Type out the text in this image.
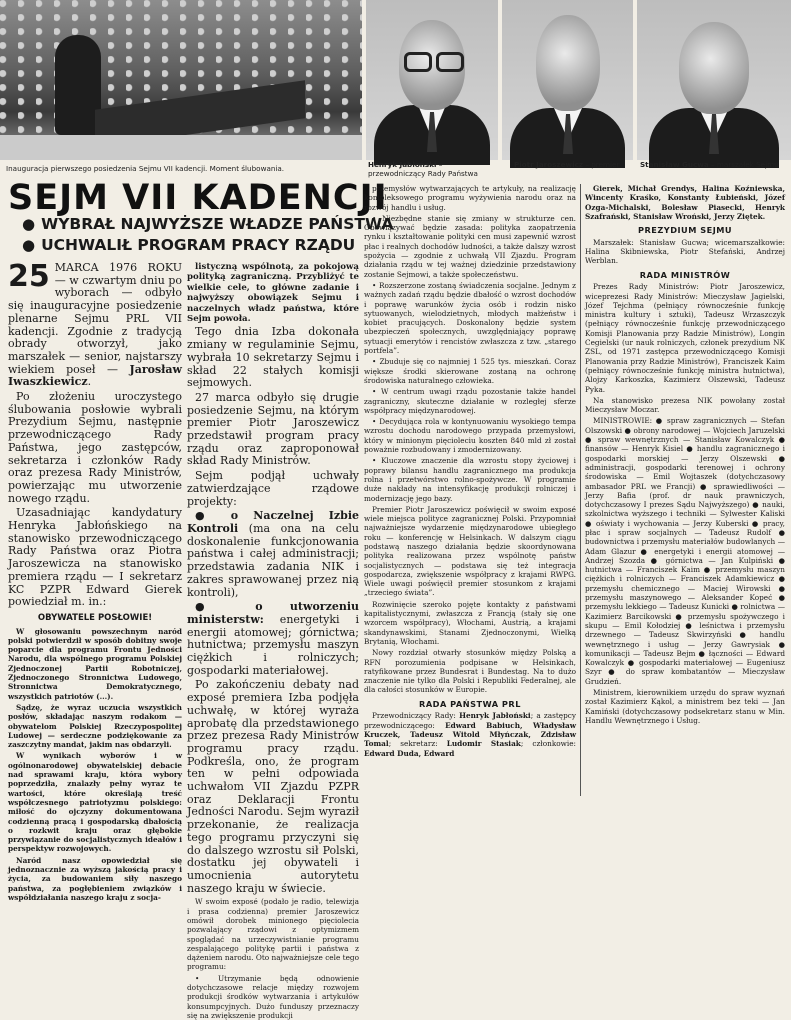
Inauguracja pierwszego posiedzenia Sejmu VII kadencji. Moment ślubowania.	Henryk Jabłoński – przewodniczący Rady Państwa
Piotr Jaroszewicz – premier	Stanisław Gucwa – marszałek Sejmu
SEJM VII KADENCJI
● WYBRAŁ NAJWYŻSZE WŁADZE PAŃSTWA
● UCHWALIŁ PROGRAM PRACY RZĄDU

25 MARCA 1976 ROKU — w czwartym dniu po wyborach — odbyło się inauguracyjne posiedzenie plenarne Sejmu PRL VII kadencji. Zgodnie z tradycją obrady otworzył, jako marszałek — senior, najstarszy wiekiem poseł — Jarosław Iwaszkiewicz.

Po złożeniu uroczystego ślubowania posłowie wybrali Prezydium Sejmu, następnie przewodniczącego Rady Państwa, jego zastępców, sekretarza i członków Rady oraz prezesa Rady Ministrów, powierzając mu utworzenie nowego rządu.

Uzasadniając kandydatury Henryka Jabłońskiego na stanowisko przewodniczącego Rady Państwa oraz Piotra Jaroszewicza na stanowisko premiera rządu — I sekretarz KC PZPR Edward Gierek powiedział m. in.:

OBYWATELE POSŁOWIE!

W głosowaniu powszechnym naród polski potwierdził w sposób dobitny swoje poparcie dla programu Frontu Jedności Narodu, dla wspólnego programu Polskiej Zjednoczonej Partii Robotniczej, Zjednoczonego Stronnictwa Ludowego, Stronnictwa Demokratycznego, wszystkich patriotów (...).

Sądzę, że wyraz uczucia wszystkich posłów, składając naszym rodakom — obywatelom Polskiej Rzeczypospolitej Ludowej — serdeczne podziękowanie za zaszczytny mandat, jakim nas obdarzyli.

W wynikach wyborów i w ogólnonarodowej obywatelskiej debacie nad sprawami kraju, która wybory poprzedziła, znalazły pełny wyraz te wartości, które określają treść współczesnego patriotyzmu polskiego: miłość do ojczyzny dokumentowana codzienną pracą i gospodarską dbałością o rozkwit kraju oraz głębokie przywiązanie do socjalistycznych ideałów i perspektyw rozwojowych.

Naród nasz opowiedział się jednoznacznie za wyższą jakością pracy i życia, za budowaniem siły naszego państwa, za pogłębieniem związków i współdziałania naszego kraju z socja-

listyczną wspólnotą, za pokojową polityką zagraniczną. Przybliżyć te wielkie cele, to główne zadanie i najwyższy obowiązek Sejmu i naczelnych władz państwa, które Sejm powoła.

Tego dnia Izba dokonała zmiany w regulaminie Sejmu, wybrała 10 sekretarzy Sejmu i skład 22 stałych komisji sejmowych.

27 marca odbyło się drugie posiedzenie Sejmu, na którym premier Piotr Jaroszewicz przedstawił program pracy rządu oraz zaproponował skład Rady Ministrów.

Sejm podjął uchwały zatwierdzające rządowe projekty:

● o Naczelnej Izbie Kontroli (ma ona na celu doskonalenie funkcjonowania państwa i całej administracji; przedstawia zadania NIK i zakres sprawowanej przez nią kontroli),

● o utworzeniu ministerstw: energetyki i energii atomowej; górnictwa; hutnictwa; przemysłu maszyn ciężkich i rolniczych; gospodarki materiałowej.

Po zakończeniu debaty nad exposé premiera Izba podjęła uchwałę, w której wyraża aprobatę dla przedstawionego przez prezesa Rady Ministrów programu pracy rządu. Podkreśla, ono, że program ten w pełni odpowiada uchwałom VII Zjazdu PZPR oraz Deklaracji Frontu Jedności Narodu. Sejm wyraził przekonanie, że realizacja tego programu przyczyni się do dalszego wzrostu sił Polski, dostatku jej obywateli i umocnienia autorytetu naszego kraju w świecie.

W swoim exposé (podało je radio, telewizja i prasa codzienna) premier Jaroszewicz omówił dorobek minionego pięciolecia pozwalający rządowi z optymizmem spoglądać na urzeczywistnianie programu zespalającego politykę partii i państwa z dążeniem narodu. Oto najważniejsze cele tego programu:

• Utrzymanie będą odnowienie dotychczasowe relacje między rozwojem produkcji środków wytwarzania i artykułów konsumpcyjnych. Dużo funduszy przeznaczy się na zwiększenie produkcji

przemysłów wytwarzających te artykuły, na realizację kompleksowego programu wyżywienia narodu oraz na rozwój handlu i usług.

• Niezbędne stanie się zmiany w strukturze cen. Obowiązywać będzie zasada: polityka zaopatrzenia rynku i kształtowanie polityki cen musi zapewnić wzrost płac i realnych dochodów ludności, a także dalszy wzrost spożycia — zgodnie z uchwałą VII Zjazdu. Program działania rządu w tej ważnej dziedzinie przedstawiony zostanie Sejmowi, a także społeczeństwu.

• Rozszerzone zostaną świadczenia socjalne. Jednym z ważnych zadań rządu będzie dbałość o wzrost dochodów i poprawę warunków życia osób i rodzin nisko sytuowanych, wielodzietnych, młodych małżeństw i kobiet pracujących. Doskonalony będzie system ubezpieczeń społecznych, uwzględniający poprawę sytuacji emerytów i rencistów zwłaszcza z tzw. „starego portfela”.

• Zbuduje się co najmniej 1 525 tys. mieszkań. Coraz większe środki skierowane zostaną na ochronę środowiska naturalnego człowieka.

• W centrum uwagi rządu pozostanie także handel zagraniczny, skuteczne działanie w rozległej sferze współpracy międzynarodowej.

• Decydująca rola w kontynuowaniu wysokiego tempa wzrostu dochodu narodowego przypada przemysłowi, który w minionym pięcioleciu koszten 840 mld zł został poważnie rozbudowany i zmodernizowany.

• Kluczowe znaczenie dla wzrostu stopy życiowej i poprawy bilansu handlu zagranicznego ma produkcja rolna i przetwórstwo rolno-spożywcze. W programie duże nakłady na intensyfikację produkcji rolniczej i modernizację jego bazy.

Premier Piotr Jaroszewicz poświęcił w swoim exposé wiele miejsca polityce zagranicznej Polski. Przypomniał najważniejsze wydarzenie międzynarodowe ubiegłego roku — konferencję w Helsinkach. W dalszym ciągu podstawą naszego działania będzie skoordynowana polityka realizowana przez wspólnotę państw socjalistycznych — podstawa się też integracja gospodarcza, zwiększenie współpracy z krajami RWPG. Wiele uwagi poświęcił premier stosunkom z krajami „trzeciego świata”.

Rozwinięcie szeroko pojęte kontakty z państwami kapitalistycznymi, zwłaszcza z Francją (stały się one wzorcem współpracy), Włochami, Austrią, a krajami skandynawskimi, Stanami Zjednoczonymi, Wielką Brytanią, Włochami.

Nowy rozdział otwarły stosunków między Polską a RFN porozumienia podpisane w Helsinkach, ratyfikowane przez Bundesrat i Bundestag. Na to dużo znaczenie nie tylko dla Polski i Republiki Federalnej, ale dla całości stosunków w Europie.

RADA PAŃSTWA PRL

Przewodniczący Rady: Henryk Jabłoński; a zastępcy przewodniczącego: Edward Babiuch, Władysław Kruczek, Tadeusz Witold Młyńczak, Zdzisław Tomal; sekretarz: Ludomir Stasiak; członkowie: Edward Duda, Edward

Gierek, Michał Grendys, Halina Koźniewska, Wincenty Kraśko, Konstanty Łubieński, Józef Ozga-Michalski, Bolesław Piasecki, Henryk Szafrański, Stanisław Wroński, Jerzy Ziętek.

PREZYDIUM SEJMU

Marszałek: Stanisław Gucwa; wicemarszałkowie: Halina Skibniewska, Piotr Stefański, Andrzej Werblan.

RADA MINISTRÓW

Prezes Rady Ministrów: Piotr Jaroszewicz, wiceprezesi Rady Ministrów: Mieczysław Jagielski, Józef Tejchma (pełniący równocześnie funkcję ministra kultury i sztuki), Tadeusz Wrzaszczyk (pełniący równocześnie funkcję przewodniczącego Komisji Planowania przy Radzie Ministrów), Longin Cegielski (ur nauk rolniczych, członek prezydium NK ZSL, od 1971 zastępca przewodniczącego Komisji Planowania przy Radzie Ministrów), Franciszek Kaim (pełniący równocześnie funkcję ministra hutnictwa), Alojzy Karkoszka, Kazimierz Olszewski, Tadeusz Pyka.

Na stanowisko prezesa NIK powołany został Mieczysław Moczar.

MINISTROWIE: ● spraw zagranicznych — Stefan Olszowski ● obrony narodowej — Wojciech Jaruzelski ● spraw wewnętrznych — Stanisław Kowalczyk ● finansów — Henryk Kisiel ● handlu zagranicznego i gospodarki morskiej — Jerzy Olszewski ● administracji, gospodarki terenowej i ochrony środowiska — Emil Wojtaszek (dotychczasowy ambasador PRL we Francji) ● sprawiedliwości — Jerzy Bafia (prof. dr nauk prawniczych, dotychczasowy I prezes Sądu Najwyższego) ● nauki, szkolnictwa wyższego i techniki — Sylwester Kaliski ● oświaty i wychowania — Jerzy Kuberski ● pracy, płac i spraw socjalnych — Tadeusz Rudolf ● budownictwa i przemysłu materiałów budowlanych — Adam Glazur ● energetyki i energii atomowej — Andrzej Szozda ● górnictwa — Jan Kulpiński ● hutnictwa — Franciszek Kaim ● przemysłu maszyn ciężkich i rolniczych — Franciszek Adamkiewicz ● przemysłu chemicznego — Maciej Wirowski ● przemysłu maszynowego — Aleksander Kopeć ● przemysłu lekkiego — Tadeusz Kunicki ● rolnictwa — Kazimierz Barcikowski ● przemysłu spożywczego i skupu — Emil Kołodziej ● leśnictwa i przemysłu drzewnego — Tadeusz Skwirzyński ● handlu wewnętrznego i usług — Jerzy Gawrysiak ● komunikacji — Tadeusz Bejm ● łączności — Edward Kowalczyk ● gospodarki materiałowej — Eugeniusz Szyr ● do spraw kombatantów — Mieczysław Grudzień.

Ministrem, kierownikiem urzędu do spraw wyznań został Kazimierz Kąkol, a ministrem bez teki — Jan Kamiński (dotychczasowy podsekretarz stanu w Min. Handlu Wewnętrznego i Usług.
